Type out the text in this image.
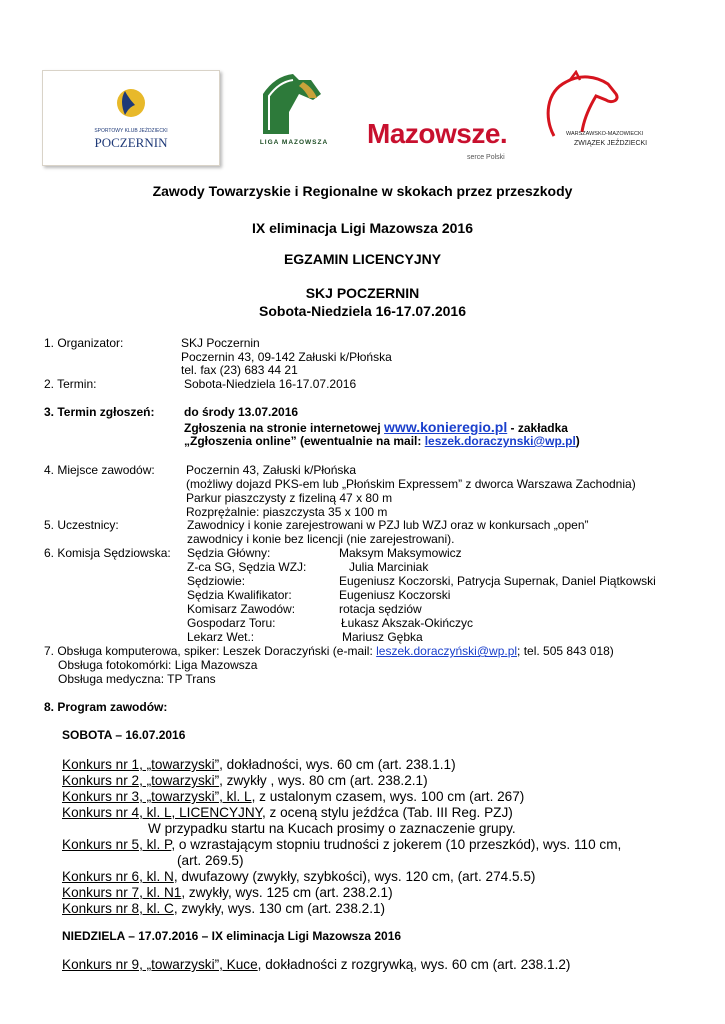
SPORTOWY KLUB JEŹDZIECKI
POCZERNIN	LIGA MAZOWSZA Mazowsze.
serce Polski
WARSZAWSKO-MAZOWIECKI
ZWIĄZEK JEŹDZIECKI
Zawody Towarzyskie i Regionalne w skokach przez przeszkody
IX eliminacja Ligi Mazowsza 2016
EGZAMIN LICENCYJNY
SKJ POCZERNIN
Sobota-Niedziela 16-17.07.2016
1. Organizator:	SKJ Poczernin
Poczernin 43, 09-142 Załuski k/Płońska
tel. fax (23) 683 44 21
2. Termin:	Sobota-Niedziela 16-17.07.2016
3. Termin zgłoszeń: do środy 13.07.2016
Zgłoszenia na stronie internetowej www.konieregio.pl - zakładka
„Zgłoszenia online” (ewentualnie na mail: leszek.doraczynski@wp.pl)
4. Miejsce zawodów:	Poczernin 43, Załuski k/Płońska
(możliwy dojazd PKS-em lub „Płońskim Expressem” z dworca Warszawa Zachodnia)
Parkur piaszczysty z fizeliną 47 x 80 m
Rozprężalnie: piaszczysta 35 x 100 m
5. Uczestnicy:	Zawodnicy i konie zarejestrowani w PZJ lub WZJ oraz w konkursach „open”
zawodnicy i konie bez licencji (nie zarejestrowani).
6. Komisja Sędziowska: Sędzia Główny:	Maksym Maksymowicz
Z-ca SG, Sędzia WZJ:	Julia Marciniak
Sędziowie:	Eugeniusz Koczorski, Patrycja Supernak, Daniel Piątkowski
Sędzia Kwalifikator:	Eugeniusz Koczorski
Komisarz Zawodów:	rotacja sędziów
Gospodarz Toru:	Łukasz Akszak-Okińczyc
Lekarz Wet.:	Mariusz Gębka
7. Obsługa komputerowa, spiker: Leszek Doraczyński (e-mail: leszek.doraczyński@wp.pl; tel. 505 843 018)
Obsługa fotokomórki: Liga Mazowsza
Obsługa medyczna: TP Trans
8. Program zawodów:
SOBOTA – 16.07.2016
Konkurs nr 1, „towarzyski”, dokładności, wys. 60 cm (art. 238.1.1)
Konkurs nr 2, „towarzyski”, zwykły , wys. 80 cm (art. 238.2.1)
Konkurs nr 3, „towarzyski”, kl. L, z ustalonym czasem, wys. 100 cm (art. 267)
Konkurs nr 4, kl. L, LICENCYJNY, z oceną stylu jeźdźca (Tab. III Reg. PZJ)
W przypadku startu na Kucach prosimy o zaznaczenie grupy.
Konkurs nr 5, kl. P, o wzrastającym stopniu trudności z jokerem (10 przeszkód), wys. 110 cm,
(art. 269.5)
Konkurs nr 6, kl. N, dwufazowy (zwykły, szybkości), wys. 120 cm, (art. 274.5.5)
Konkurs nr 7, kl. N1, zwykły, wys. 125 cm (art. 238.2.1)
Konkurs nr 8, kl. C, zwykły, wys. 130 cm (art. 238.2.1)
NIEDZIELA – 17.07.2016 – IX eliminacja Ligi Mazowsza 2016
Konkurs nr 9, „towarzyski”, Kuce, dokładności z rozgrywką, wys. 60 cm (art. 238.1.2)
